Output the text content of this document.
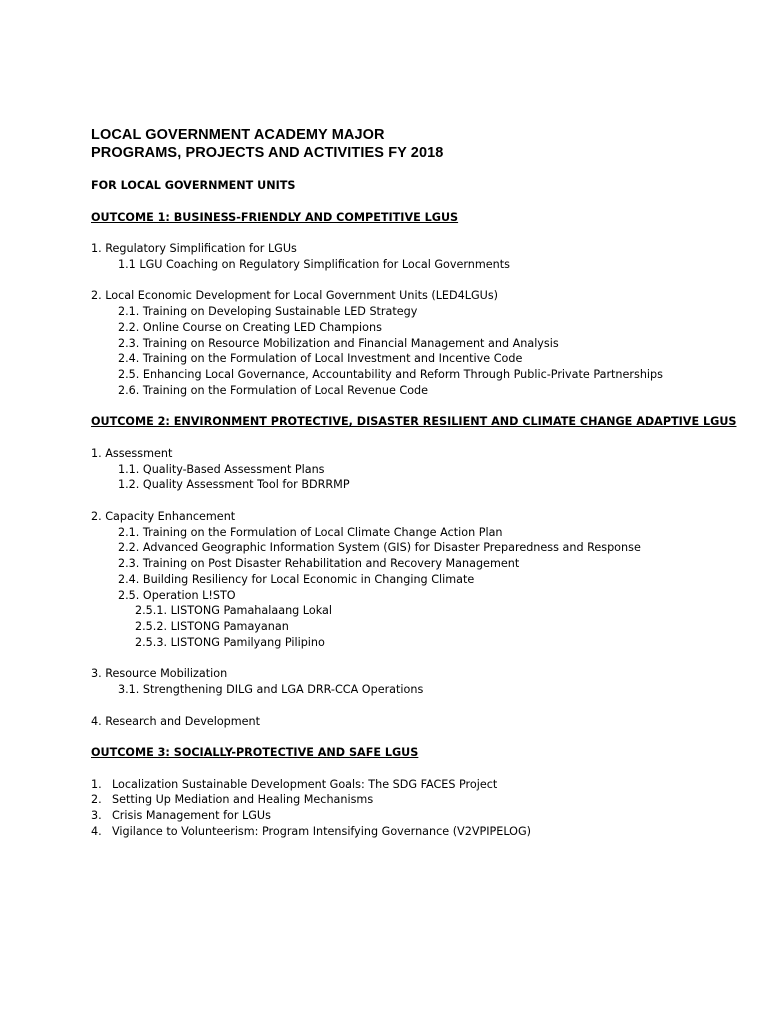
LOCAL GOVERNMENT ACADEMY MAJOR
PROGRAMS, PROJECTS AND ACTIVITIES FY 2018
FOR LOCAL GOVERNMENT UNITS
OUTCOME 1: BUSINESS-FRIENDLY AND COMPETITIVE LGUS
1. Regulatory Simplification for LGUs
1.1 LGU Coaching on Regulatory Simplification for Local Governments
2. Local Economic Development for Local Government Units (LED4LGUs)
2.1. Training on Developing Sustainable LED Strategy
2.2. Online Course on Creating LED Champions
2.3. Training on Resource Mobilization and Financial Management and Analysis
2.4. Training on the Formulation of Local Investment and Incentive Code
2.5. Enhancing Local Governance, Accountability and Reform Through Public-Private Partnerships
2.6. Training on the Formulation of Local Revenue Code
OUTCOME 2: ENVIRONMENT PROTECTIVE, DISASTER RESILIENT AND CLIMATE CHANGE ADAPTIVE LGUS
1. Assessment
1.1. Quality-Based Assessment Plans
1.2. Quality Assessment Tool for BDRRMP
2. Capacity Enhancement
2.1. Training on the Formulation of Local Climate Change Action Plan
2.2. Advanced Geographic Information System (GIS) for Disaster Preparedness and Response
2.3. Training on Post Disaster Rehabilitation and Recovery Management
2.4. Building Resiliency for Local Economic in Changing Climate
2.5. Operation L!STO
2.5.1. LISTONG Pamahalaang Lokal
2.5.2. LISTONG Pamayanan
2.5.3. LISTONG Pamilyang Pilipino
3. Resource Mobilization
3.1. Strengthening DILG and LGA DRR-CCA Operations
4. Research and Development
OUTCOME 3: SOCIALLY-PROTECTIVE AND SAFE LGUS
1. Localization Sustainable Development Goals: The SDG FACES Project
2. Setting Up Mediation and Healing Mechanisms
3. Crisis Management for LGUs
4. Vigilance to Volunteerism: Program Intensifying Governance (V2VPIPELOG)
